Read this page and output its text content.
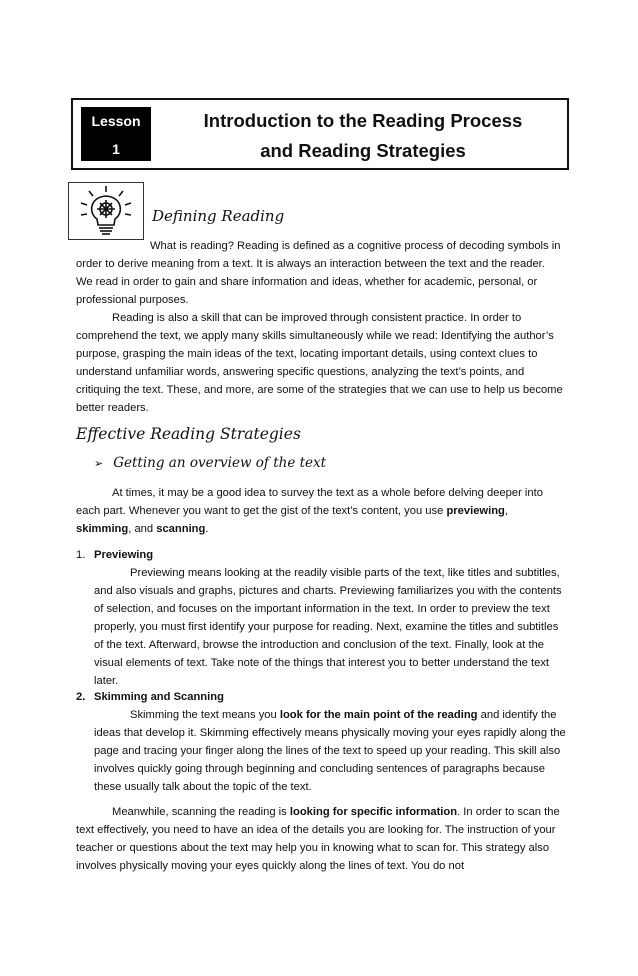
Lesson
1
Introduction to the Reading Process
and Reading Strategies
Defining Reading
What is reading? Reading is defined as a cognitive process of decoding symbols in order to derive meaning from a text. It is always an interaction between the text and the reader. We read in order to gain and share information and ideas, whether for academic, personal, or professional purposes.
Reading is also a skill that can be improved through consistent practice. In order to comprehend the text, we apply many skills simultaneously while we read: Identifying the author’s purpose, grasping the main ideas of the text, locating important details, using context clues to understand unfamiliar words, answering specific questions, analyzing the text’s points, and critiquing the text. These, and more, are some of the strategies that we can use to help us become better readers.
Effective Reading Strategies
➢ Getting an overview of the text
At times, it may be a good idea to survey the text as a whole before delving deeper into each part. Whenever you want to get the gist of the text’s content, you use previewing, skimming, and scanning.
1. Previewing
Previewing means looking at the readily visible parts of the text, like titles and subtitles, and also visuals and graphs, pictures and charts. Previewing familiarizes you with the contents of selection, and focuses on the important information in the text. In order to preview the text properly, you must first identify your purpose for reading. Next, examine the titles and subtitles of the text. Afterward, browse the introduction and conclusion of the text. Finally, look at the visual elements of text. Take note of the things that interest you to better understand the text later.
2. Skimming and Scanning
Skimming the text means you look for the main point of the reading and identify the ideas that develop it. Skimming effectively means physically moving your eyes rapidly along the page and tracing your finger along the lines of the text to speed up your reading. This skill also involves quickly going through beginning and concluding sentences of paragraphs because these usually talk about the topic of the text.
Meanwhile, scanning the reading is looking for specific information. In order to scan the text effectively, you need to have an idea of the details you are looking for. The instruction of your teacher or questions about the text may help you in knowing what to scan for. This strategy also involves physically moving your eyes quickly along the lines of text. You do not
